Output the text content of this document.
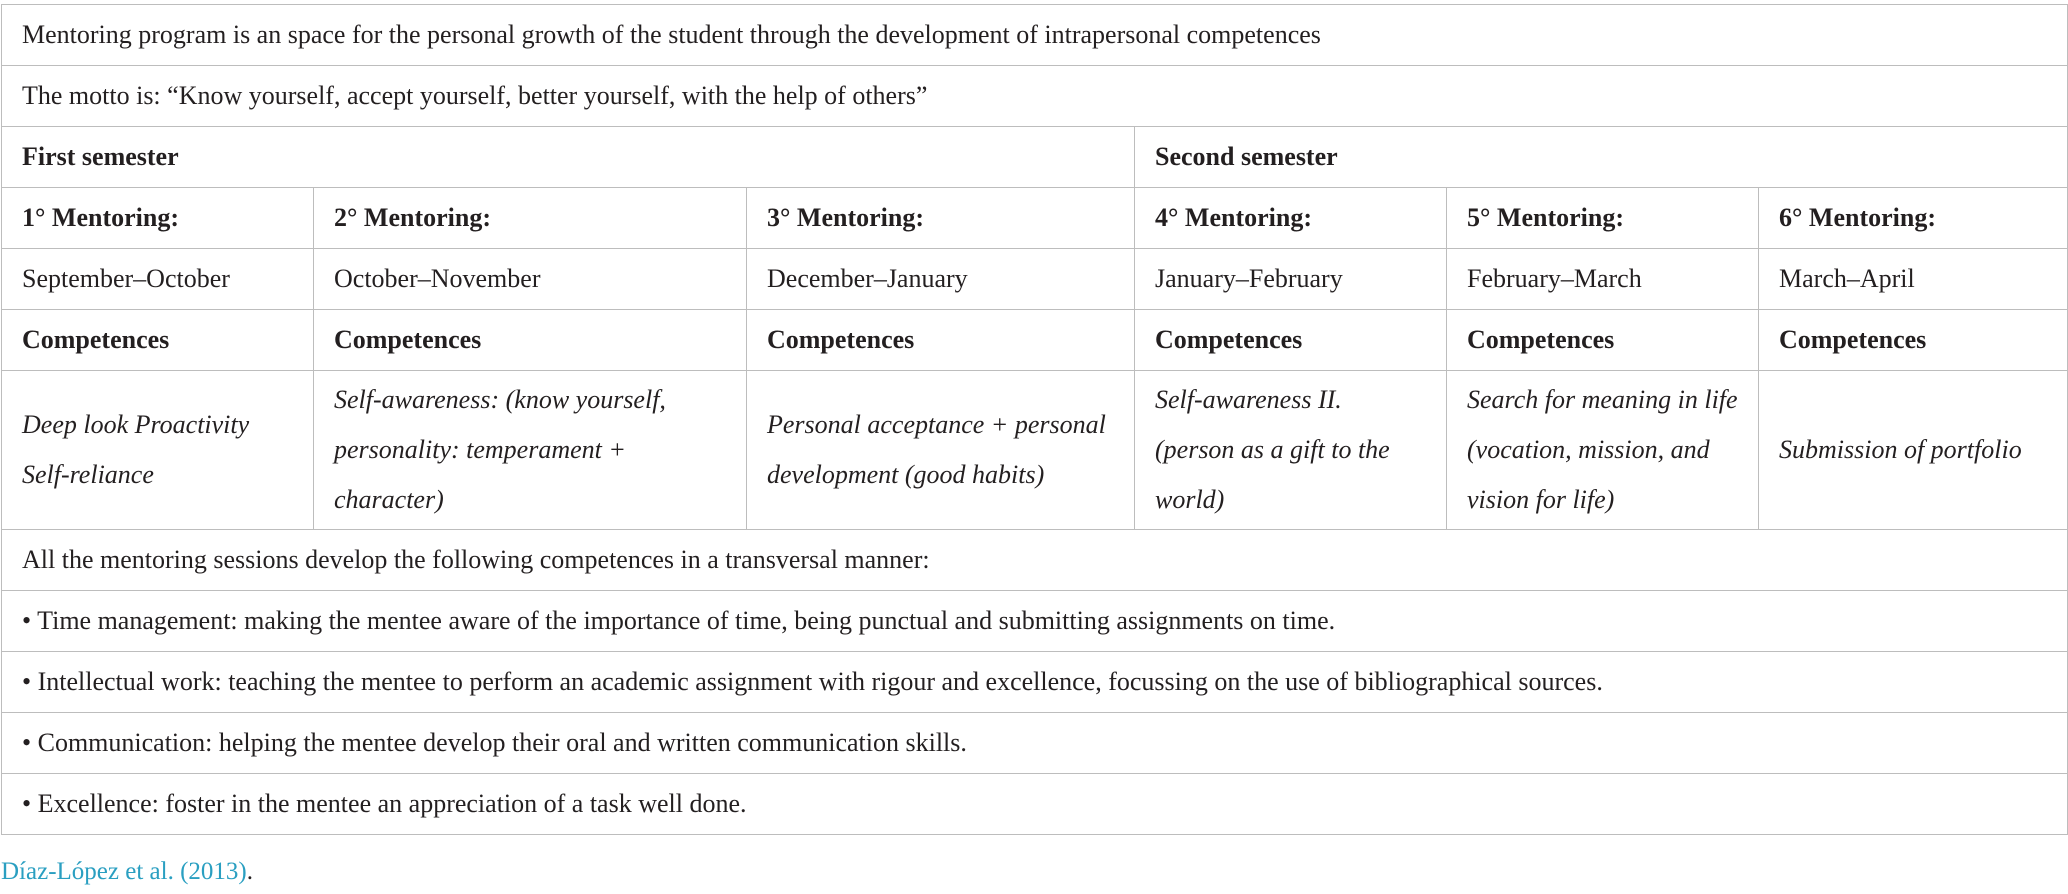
Mentoring program is an space for the personal growth of the student through the development of intrapersonal competences					
The motto is: “Know yourself, accept yourself, better yourself, with the help of others”					
First semester			Second semester		
1° Mentoring:	2° Mentoring:	3° Mentoring:	4° Mentoring:	5° Mentoring:	6° Mentoring:
September–October	October–November	December–January	January–February	February–March	March–April
Competences	Competences	Competences	Competences	Competences	Competences
Deep look Proactivity Self-reliance	Self-awareness: (know yourself, personality: temperament + character)	Personal acceptance + personal development (good habits)	Self-awareness II. (person as a gift to the world)	Search for meaning in life (vocation, mission, and vision for life)	Submission of portfolio
All the mentoring sessions develop the following competences in a transversal manner:					
• Time management: making the mentee aware of the importance of time, being punctual and submitting assignments on time.					
• Intellectual work: teaching the mentee to perform an academic assignment with rigour and excellence, focussing on the use of bibliographical sources.					
• Communication: helping the mentee develop their oral and written communication skills.					
• Excellence: foster in the mentee an appreciation of a task well done.					
Díaz-López et al. (2013).
